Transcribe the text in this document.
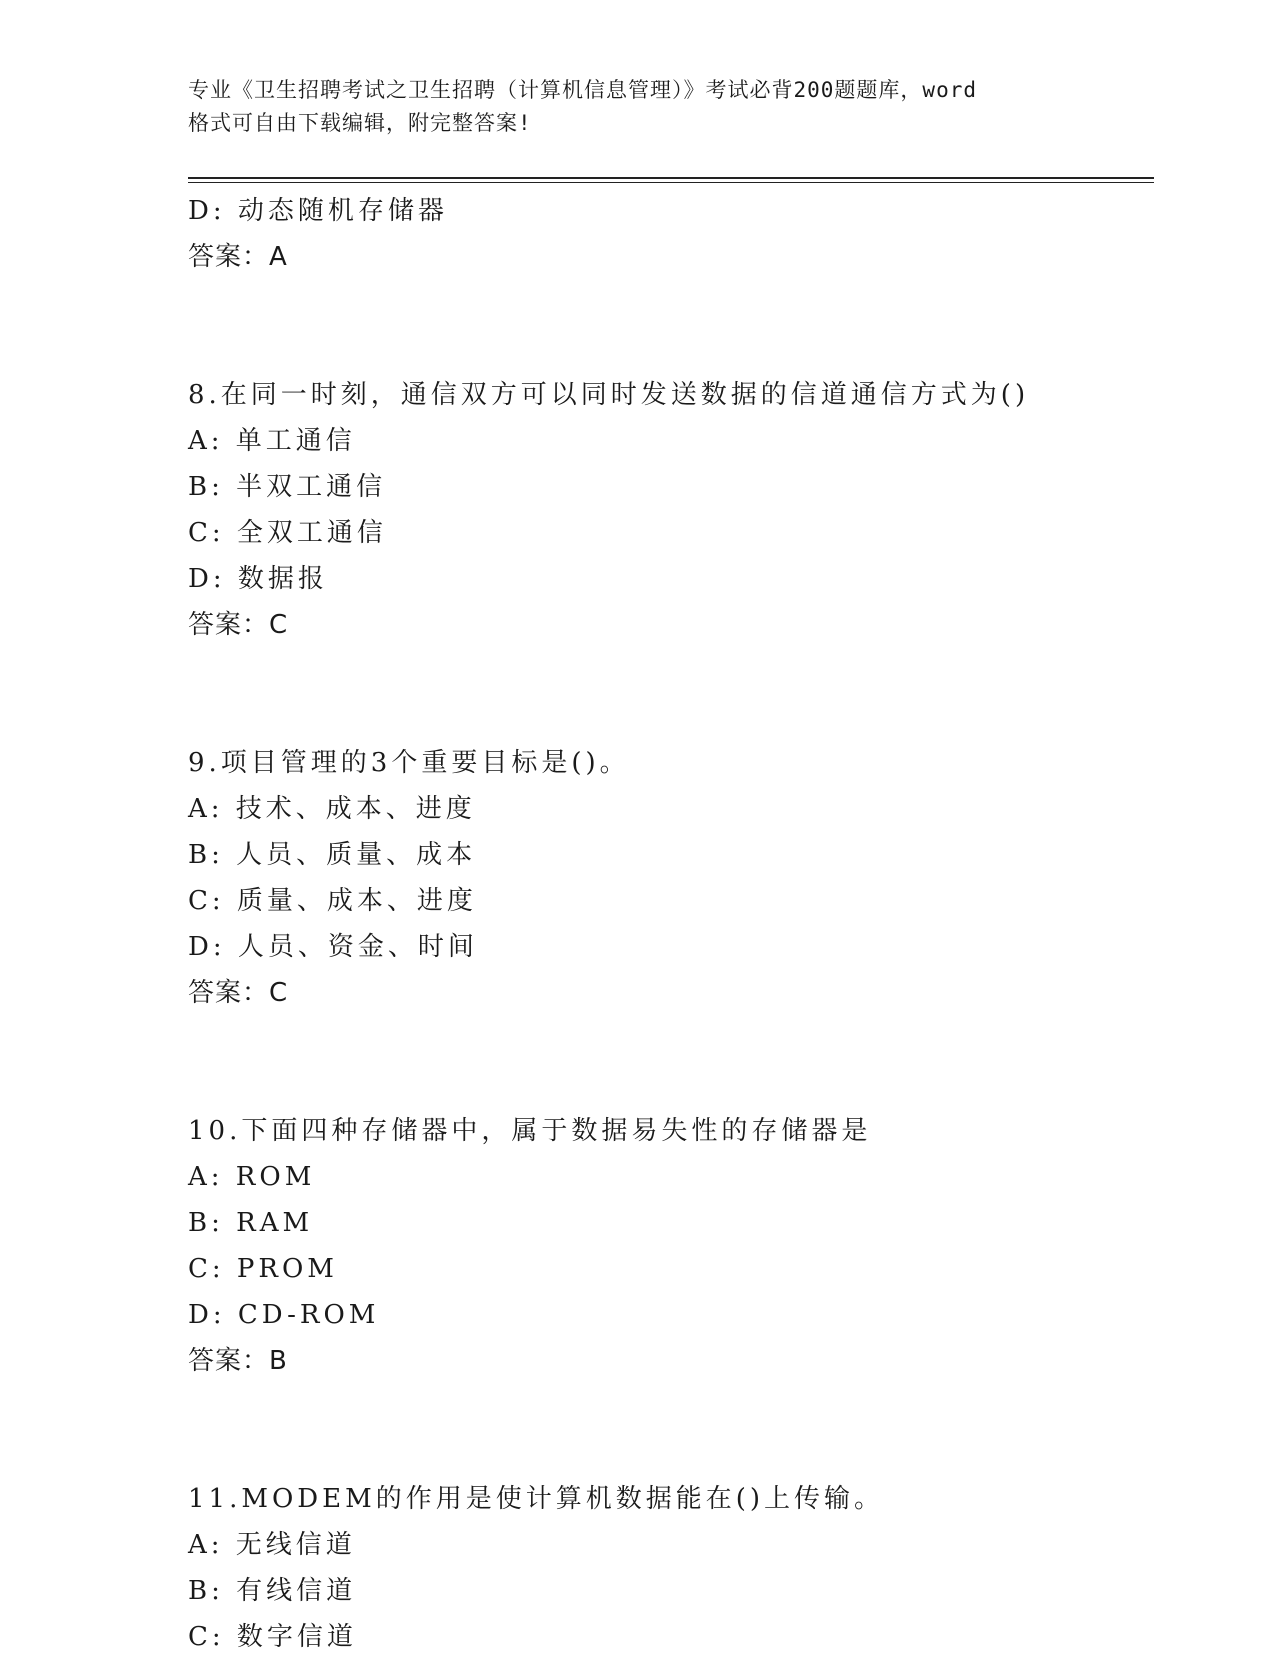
专业《卫生招聘考试之卫生招聘（计算机信息管理）》考试必背200题题库，word
格式可自由下载编辑，附完整答案!
D: 动态随机存储器
答案：A
8.在同一时刻，通信双方可以同时发送数据的信道通信方式为()
A: 单工通信
B: 半双工通信
C: 全双工通信
D: 数据报
答案：C
9.项目管理的3个重要目标是()。
A: 技术、成本、进度
B: 人员、质量、成本
C: 质量、成本、进度
D: 人员、资金、时间
答案：C
10.下面四种存储器中，属于数据易失性的存储器是
A: ROM
B: RAM
C: PROM
D: CD-ROM
答案：B
11.MODEM的作用是使计算机数据能在()上传输。
A: 无线信道
B: 有线信道
C: 数字信道
